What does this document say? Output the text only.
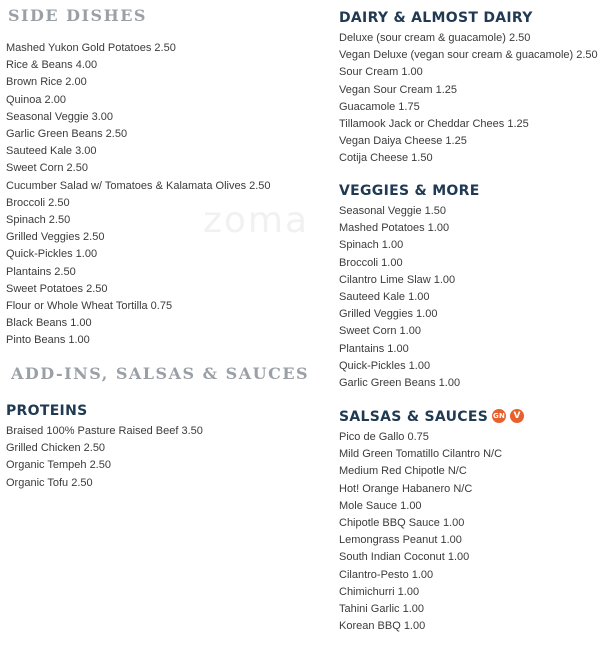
zoma
SIDE DISHES
Mashed Yukon Gold Potatoes 2.50
Rice & Beans 4.00
Brown Rice 2.00
Quinoa 2.00
Seasonal Veggie 3.00
Garlic Green Beans 2.50
Sauteed Kale 3.00
Sweet Corn 2.50
Cucumber Salad w/ Tomatoes & Kalamata Olives 2.50
Broccoli 2.50
Spinach 2.50
Grilled Veggies 2.50
Quick-Pickles 1.00
Plantains 2.50
Sweet Potatoes 2.50
Flour or Whole Wheat Tortilla 0.75
Black Beans 1.00
Pinto Beans 1.00
ADD-INS, SALSAS & SAUCES
PROTEINS
Braised 100% Pasture Raised Beef 3.50
Grilled Chicken 2.50
Organic Tempeh 2.50
Organic Tofu 2.50
DAIRY & ALMOST DAIRY
Deluxe (sour cream & guacamole) 2.50
Vegan Deluxe (vegan sour cream & guacamole) 2.50
Sour Cream 1.00
Vegan Sour Cream 1.25
Guacamole 1.75
Tillamook Jack or Cheddar Chees 1.25
Vegan Daiya Cheese 1.25
Cotija Cheese 1.50
VEGGIES & MORE
Seasonal Veggie 1.50
Mashed Potatoes 1.00
Spinach 1.00
Broccoli 1.00
Cilantro Lime Slaw 1.00
Sauteed Kale 1.00
Grilled Veggies 1.00
Sweet Corn 1.00
Plantains 1.00
Quick-Pickles 1.00
Garlic Green Beans 1.00
SALSAS & SAUCES GN V
Pico de Gallo 0.75
Mild Green Tomatillo Cilantro N/C
Medium Red Chipotle N/C
Hot! Orange Habanero N/C
Mole Sauce 1.00
Chipotle BBQ Sauce 1.00
Lemongrass Peanut 1.00
South Indian Coconut 1.00
Cilantro-Pesto 1.00
Chimichurri 1.00
Tahini Garlic 1.00
Korean BBQ 1.00
